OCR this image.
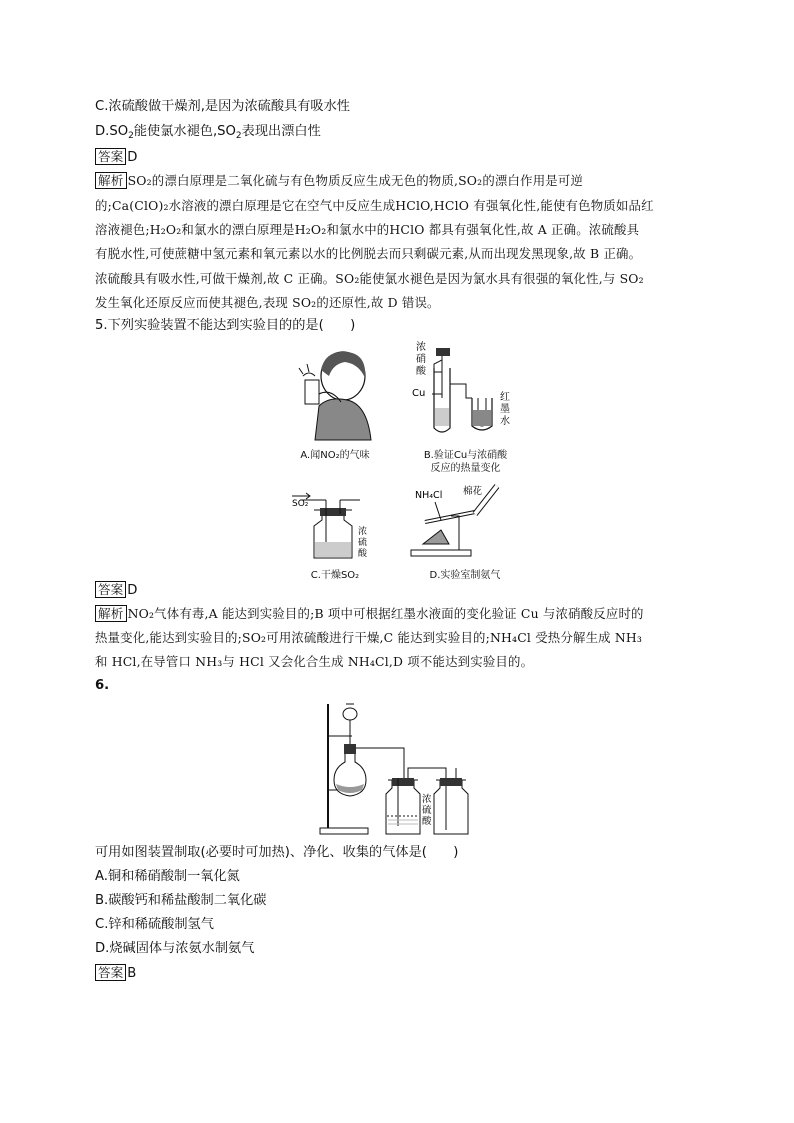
C.浓硫酸做干燥剂,是因为浓硫酸具有吸水性
$D.SO_2$能使氯水褪色$,SO_2$表现出漂白性
答案 D
解析 SO₂的漂白原理是二氧化硫与有色物质反应生成无色的物质,SO₂的漂白作用是可逆
的;Ca(ClO)₂水溶液的漂白原理是它在空气中反应生成HClO,HClO 有强氧化性,能使有色物质如品红
溶液褪色;H₂O₂和氯水的漂白原理是H₂O₂和氯水中的HClO 都具有强氧化性,故 A 正确。浓硫酸具
有脱水性,可使蔗糖中氢元素和氧元素以水的比例脱去而只剩碳元素,从而出现发黑现象,故 B 正确。
浓硫酸具有吸水性,可做干燥剂,故 C 正确。SO₂能使氯水褪色是因为氯水具有很强的氧化性,与 SO₂
发生氧化还原反应而使其褪色,表现 SO₂的还原性,故 D 错误。
5.下列实验装置不能达到实验目的的是(　　)
A.闻NO₂的气味
浓
硝
酸
Cu	红
墨
水
B.验证Cu与浓硝酸
反应的热量变化
SO₂
浓
硫
酸
C.干燥SO₂
NH₄Cl 棉花
D.实验室制氨气
答案 D
解析 NO₂气体有毒,A 能达到实验目的;B 项中可根据红墨水液面的变化验证 Cu 与浓硝酸反应时的
热量变化,能达到实验目的;SO₂可用浓硫酸进行干燥,C 能达到实验目的;NH₄Cl 受热分解生成 NH₃
和 HCl,在导管口 NH₃与 HCl 又会化合生成 NH₄Cl,D 项不能达到实验目的。
6.
浓
硫
酸
可用如图装置制取(必要时可加热)、净化、收集的气体是(　　)
A.铜和稀硝酸制一氧化氮
B.碳酸钙和稀盐酸制二氧化碳
C.锌和稀硫酸制氢气
D.烧碱固体与浓氨水制氨气
答案 B
